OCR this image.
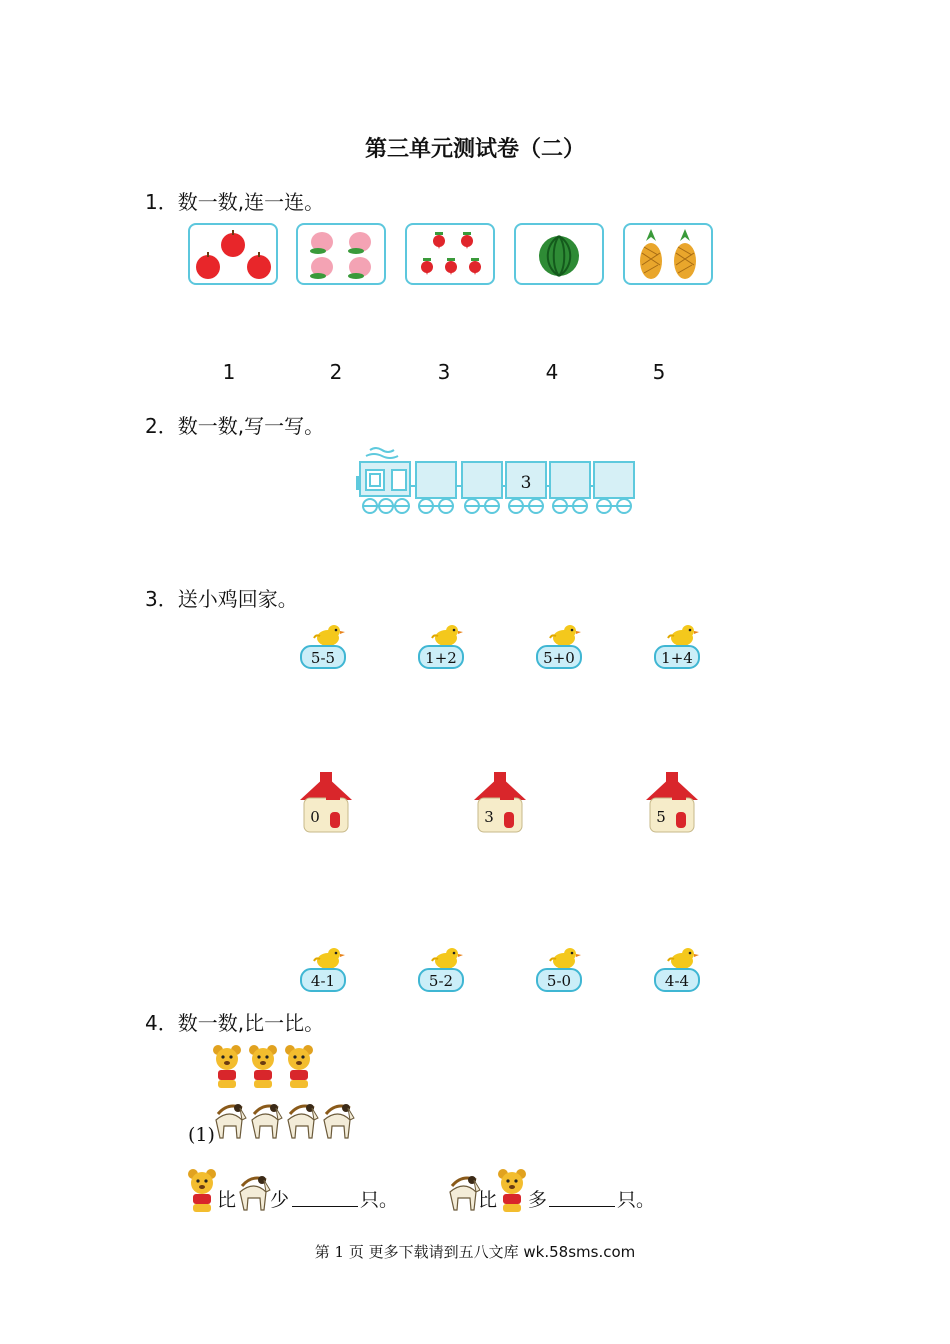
第三单元测试卷（二）
1．数一数,连一连。
1	2	3	4	5
2．数一数,写一写。
3
3．送小鸡回家。
5-5	1+2	5+0	1+4
0	3	5
4-1	5-2	5-0	4-4
4．数一数,比一比。
(1)
比 少	只。	比 多	只。
第 1 页 更多下载请到五八文库 wk.58sms.com
